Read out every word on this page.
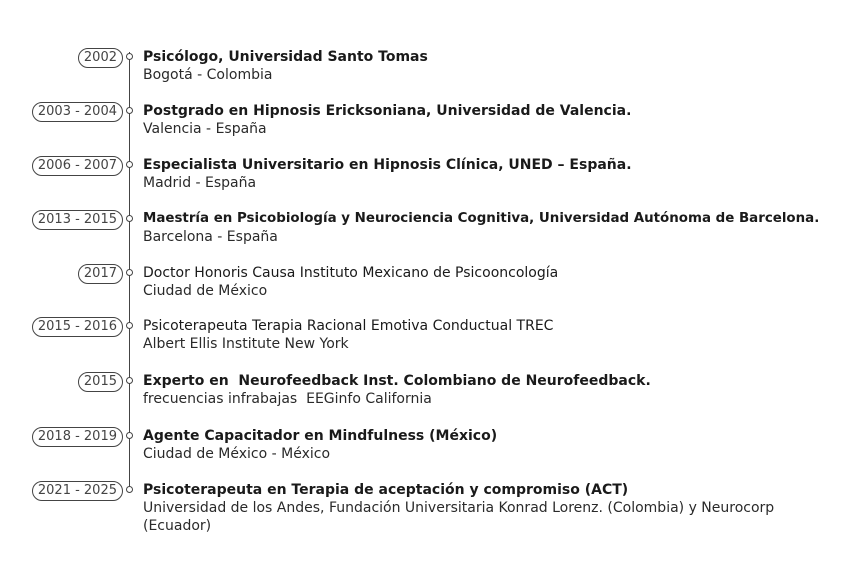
2002	Psicólogo, Universidad Santo Tomas
Bogotá - Colombia
2003 - 2004	Postgrado en Hipnosis Ericksoniana, Universidad de Valencia.
Valencia - España
2006 - 2007	Especialista Universitario en Hipnosis Clínica, UNED – España.
Madrid - España
2013 - 2015	Maestría en Psicobiología y Neurociencia Cognitiva, Universidad Autónoma de Barcelona.
Barcelona - España
2017	Doctor Honoris Causa Instituto Mexicano de Psicooncología
Ciudad de México
2015 - 2016	Psicoterapeuta Terapia Racional Emotiva Conductual TREC
Albert Ellis Institute New York
2015	Experto en  Neurofeedback Inst. Colombiano de Neurofeedback.
frecuencias infrabajas  EEGinfo California
2018 - 2019	Agente Capacitador en Mindfulness (México)
Ciudad de México - México
2021 - 2025	Psicoterapeuta en Terapia de aceptación y compromiso (ACT)
Universidad de los Andes, Fundación Universitaria Konrad Lorenz. (Colombia) y Neurocorp (Ecuador)
